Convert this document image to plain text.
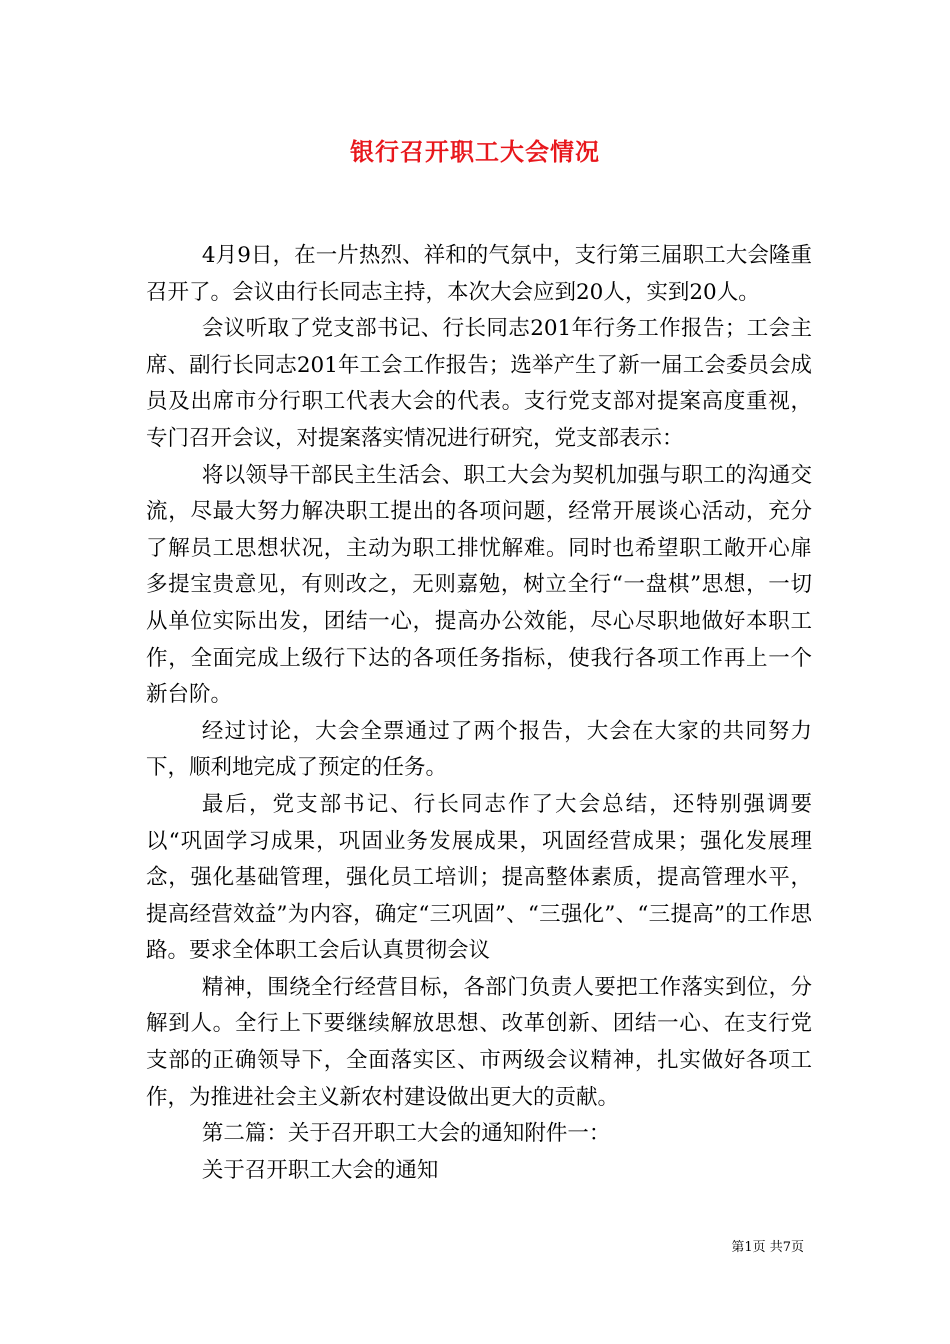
银行召开职工大会情况

4月9日，在一片热烈、祥和的气氛中，支行第三届职工大会隆重召开了。会议由行长同志主持，本次大会应到20人，实到20人。

会议听取了党支部书记、行长同志201年行务工作报告；工会主席、副行长同志201年工会工作报告；选举产生了新一届工会委员会成员及出席市分行职工代表大会的代表。支行党支部对提案高度重视，专门召开会议，对提案落实情况进行研究，党支部表示：

将以领导干部民主生活会、职工大会为契机加强与职工的沟通交流，尽最大努力解决职工提出的各项问题，经常开展谈心活动，充分了解员工思想状况，主动为职工排忧解难。同时也希望职工敞开心扉多提宝贵意见，有则改之，无则嘉勉，树立全行“一盘棋”思想，一切从单位实际出发，团结一心，提高办公效能，尽心尽职地做好本职工作，全面完成上级行下达的各项任务指标，使我行各项工作再上一个新台阶。

经过讨论，大会全票通过了两个报告，大会在大家的共同努力下，顺利地完成了预定的任务。

最后，党支部书记、行长同志作了大会总结，还特别强调要以“巩固学习成果，巩固业务发展成果，巩固经营成果；强化发展理念，强化基础管理，强化员工培训；提高整体素质，提高管理水平，提高经营效益”为内容，确定“三巩固”、“三强化”、“三提高”的工作思路。要求全体职工会后认真贯彻会议

精神，围绕全行经营目标，各部门负责人要把工作落实到位，分解到人。全行上下要继续解放思想、改革创新、团结一心、在支行党支部的正确领导下，全面落实区、市两级会议精神，扎实做好各项工作，为推进社会主义新农村建设做出更大的贡献。

第二篇：关于召开职工大会的通知附件一：

关于召开职工大会的通知

第1页 共7页
